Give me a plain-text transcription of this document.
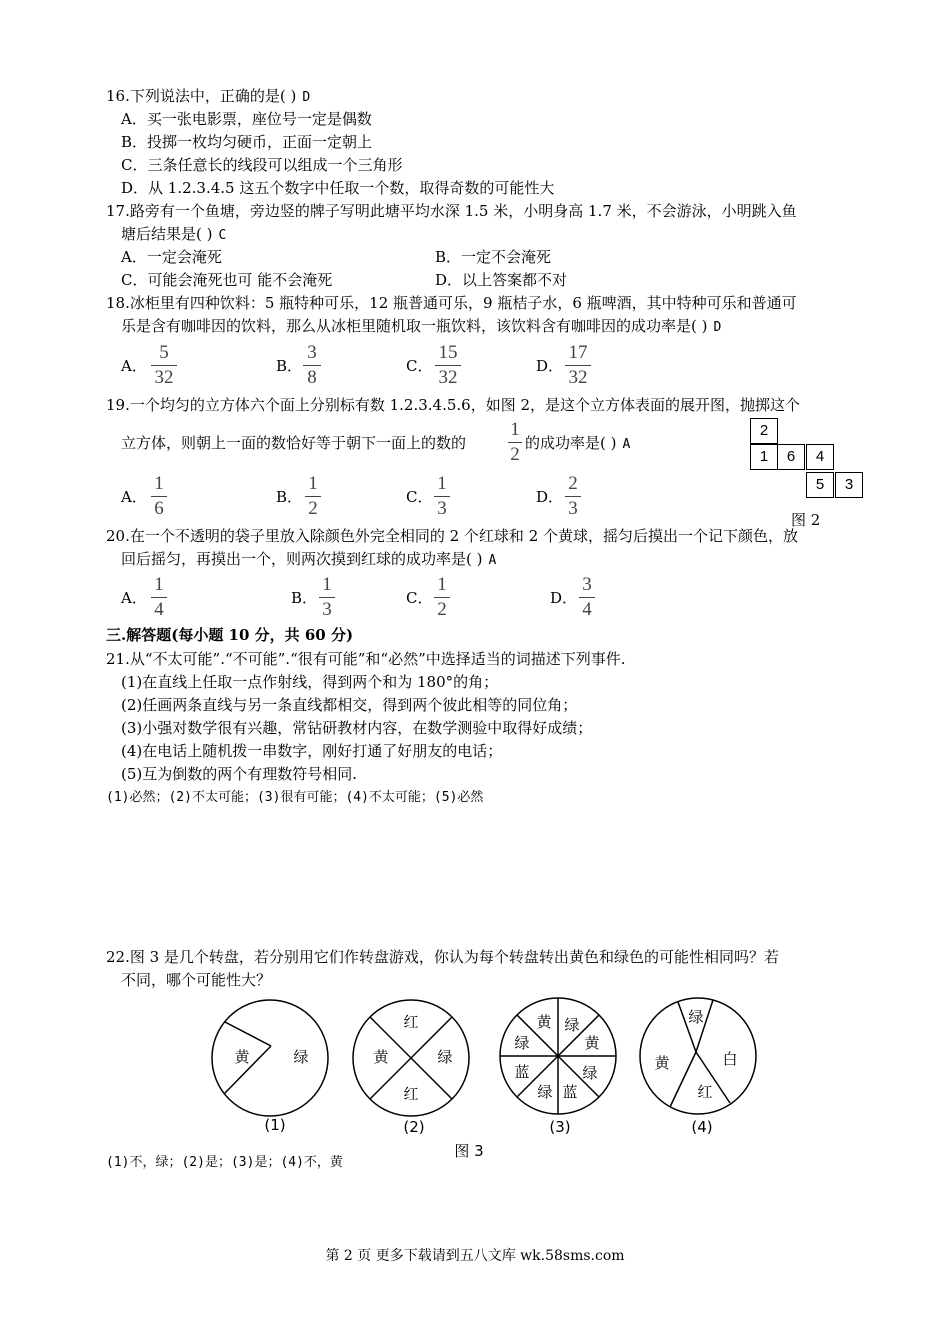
16.下列说法中，正确的是( ) D
A．买一张电影票，座位号一定是偶数
B．投掷一枚均匀硬币，正面一定朝上
C．三条任意长的线段可以组成一个三角形
D．从 1.2.3.4.5 这五个数字中任取一个数，取得奇数的可能性大
17.路旁有一个鱼塘，旁边竖的牌子写明此塘平均水深 1.5 米，小明身高 1.7 米，不会游泳，小明跳入鱼
塘后结果是( ) C
A．一定会淹死	B．一定不会淹死
C．可能会淹死也可 能不会淹死	D．以上答案都不对
18.冰柜里有四种饮料：5 瓶特种可乐，12 瓶普通可乐，9 瓶桔子水，6 瓶啤酒，其中特种可乐和普通可
乐是含有咖啡因的饮料，那么从冰柜里随机取一瓶饮料，该饮料含有咖啡因的成功率是( ) D
A．
5
32
B．
3
8
C．
15
32
D．
17
32
19.一个均匀的立方体六个面上分别标有数 1.2.3.4.5.6，如图 2，是这个立方体表面的展开图，抛掷这个
立方体，则朝上一面的数恰好等于朝下一面上的数的
1
2
的成功率是( ) A
A．
1
6
B．
1
2
C．
1
3
D．
2
3
2
1	6	4
5	3
图 2
20.在一个不透明的袋子里放入除颜色外完全相同的 2 个红球和 2 个黄球，摇匀后摸出一个记下颜色，放
回后摇匀，再摸出一个，则两次摸到红球的成功率是( ) A
A．
1
4
B．
1
3
C．
1
2
D．
3
4
三.解答题(每小题 10 分，共 60 分)
21.从“不太可能”.“不可能”.“很有可能”和“必然”中选择适当的词描述下列事件.
(1)在直线上任取一点作射线，得到两个和为 180°的角；
(2)任画两条直线与另一条直线都相交，得到两个彼此相等的同位角；
(3)小强对数学很有兴趣，常钻研教材内容，在数学测验中取得好成绩；
(4)在电话上随机拨一串数字，刚好打通了好朋友的电话；
(5)互为倒数的两个有理数符号相同.
(1)必然；(2)不太可能；(3)很有可能；(4)不太可能；(5)必然
22.图 3 是几个转盘，若分别用它们作转盘游戏，你认为每个转盘转出黄色和绿色的可能性相同吗？若
不同，哪个可能性大？
黄	绿
红
黄	绿
红
黄 绿
黄
绿
蓝
绿
蓝
绿
绿
黄	白
红
(1)	(2)	(3)	(4)
图 3
(1)不，绿；(2)是；(3)是；(4)不，黄
第 2 页 更多下载请到五八文库 wk.58sms.com
